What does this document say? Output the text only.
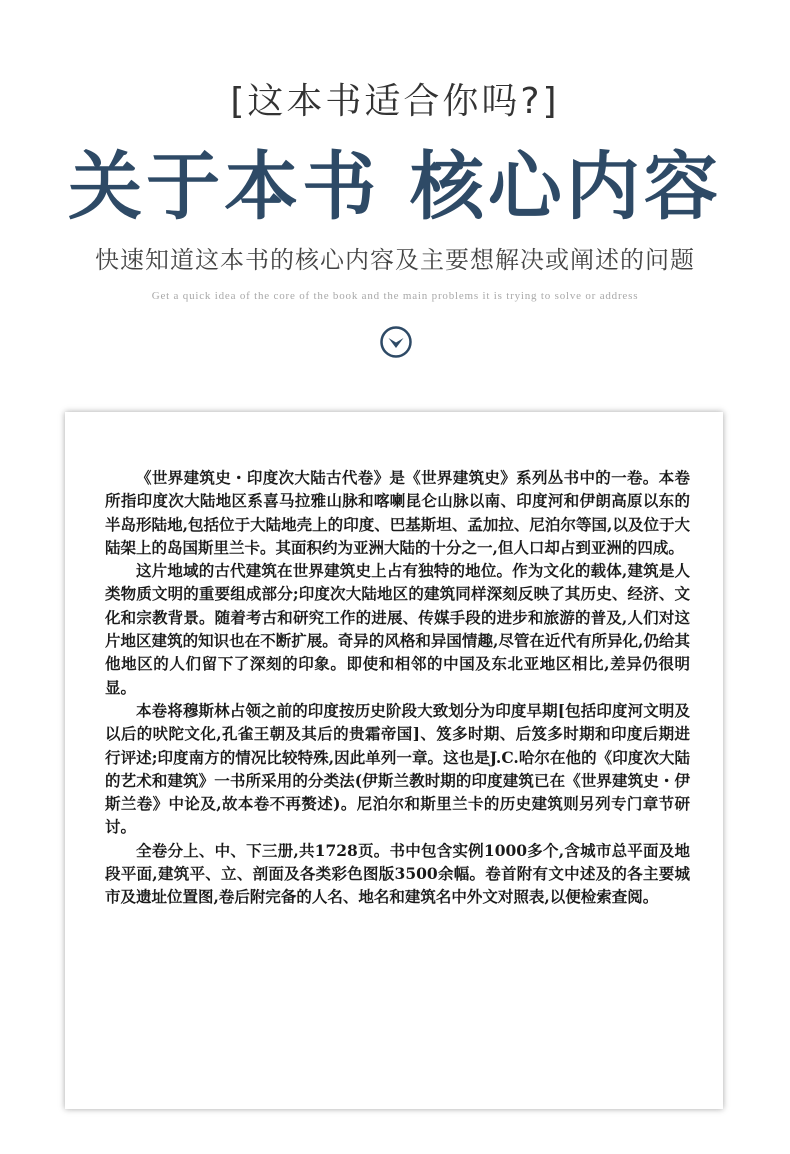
[这本书适合你吗?]
关于本书 核心内容
快速知道这本书的核心内容及主要想解决或阐述的问题
Get a quick idea of the core of the book and the main problems it is trying to solve or address

《世界建筑史・印度次大陆古代卷》是《世界建筑史》系列丛书中的一卷。本卷所指印度次大陆地区系喜马拉雅山脉和喀喇昆仑山脉以南、印度河和伊朗高原以东的半岛形陆地,包括位于大陆地壳上的印度、巴基斯坦、孟加拉、尼泊尔等国,以及位于大陆架上的岛国斯里兰卡。其面积约为亚洲大陆的十分之一,但人口却占到亚洲的四成。

这片地域的古代建筑在世界建筑史上占有独特的地位。作为文化的载体,建筑是人类物质文明的重要组成部分;印度次大陆地区的建筑同样深刻反映了其历史、经济、文化和宗教背景。随着考古和研究工作的进展、传媒手段的进步和旅游的普及,人们对这片地区建筑的知识也在不断扩展。奇异的风格和异国情趣,尽管在近代有所异化,仍给其他地区的人们留下了深刻的印象。即使和相邻的中国及东北亚地区相比,差异仍很明显。

本卷将穆斯林占领之前的印度按历史阶段大致划分为印度早期[包括印度河文明及以后的吠陀文化,孔雀王朝及其后的贵霜帝国]、笈多时期、后笈多时期和印度后期进行评述;印度南方的情况比较特殊,因此单列一章。这也是J.C.哈尔在他的《印度次大陆的艺术和建筑》一书所采用的分类法(伊斯兰教时期的印度建筑已在《世界建筑史・伊斯兰卷》中论及,故本卷不再赘述)。尼泊尔和斯里兰卡的历史建筑则另列专门章节研讨。

全卷分上、中、下三册,共1728页。书中包含实例1000多个,含城市总平面及地段平面,建筑平、立、剖面及各类彩色图版3500余幅。卷首附有文中述及的各主要城市及遗址位置图,卷后附完备的人名、地名和建筑名中外文对照表,以便检索查阅。
